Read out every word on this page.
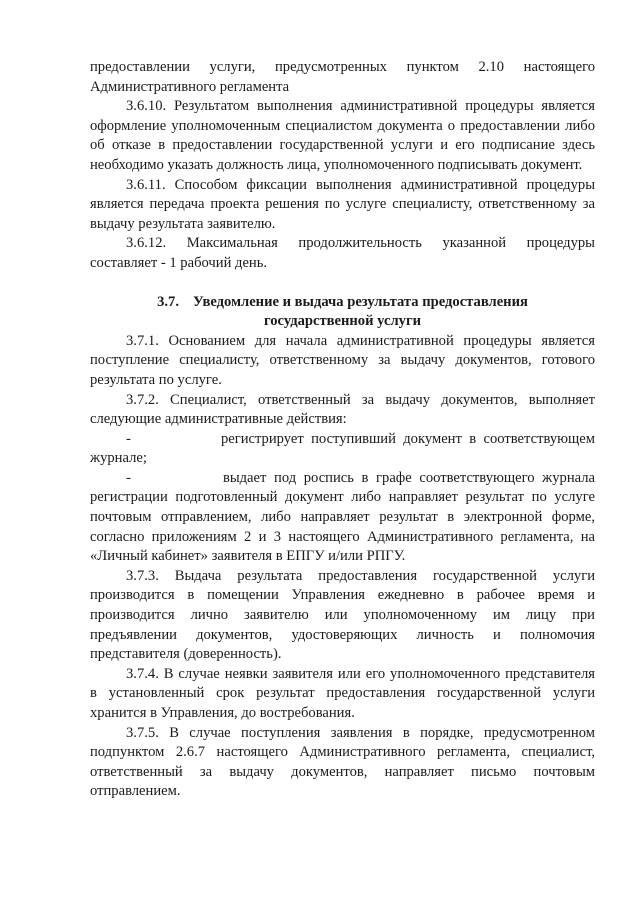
предоставлении услуги, предусмотренных пунктом 2.10 настоящего Административного регламента

3.6.10. Результатом выполнения административной процедуры является оформление уполномоченным специалистом документа о предоставлении либо об отказе в предоставлении государственной услуги и его подписание здесь необходимо указать должность лица, уполномоченного подписывать документ.

3.6.11. Способом фиксации выполнения административной процедуры является передача проекта решения по услуге специалисту, ответственному за выдачу результата заявителю.

3.6.12. Максимальная продолжительность указанной процедуры составляет - 1 рабочий день.

3.7. Уведомление и выдача результата предоставления государственной услуги

3.7.1. Основанием для начала административной процедуры является поступление специалисту, ответственному за выдачу документов, готового результата по услуге.

3.7.2. Специалист, ответственный за выдачу документов, выполняет следующие административные действия:

-	регистрирует поступивший документ в соответствующем журнале;

-	выдает под роспись в графе соответствующего журнала регистрации подготовленный документ либо направляет результат по услуге почтовым отправлением, либо направляет результат в электронной форме, согласно приложениям 2 и 3 настоящего Административного регламента, на «Личный кабинет» заявителя в ЕПГУ и/или РПГУ.

3.7.3. Выдача результата предоставления государственной услуги производится в помещении Управления ежедневно в рабочее время и производится лично заявителю или уполномоченному им лицу при предъявлении документов, удостоверяющих личность и полномочия представителя (доверенность).

3.7.4. В случае неявки заявителя или его уполномоченного представителя в установленный срок результат предоставления государственной услуги хранится в Управления, до востребования.

3.7.5. В случае поступления заявления в порядке, предусмотренном подпунктом 2.6.7 настоящего Административного регламента, специалист, ответственный за выдачу документов, направляет письмо почтовым отправлением.
